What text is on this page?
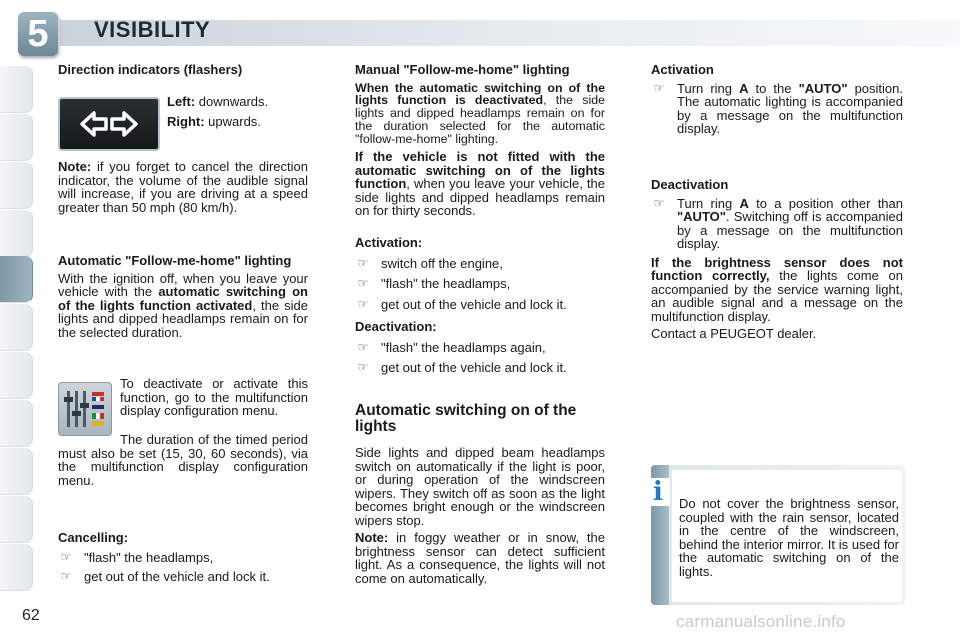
5	VISIBILITY
Direction indicators (flashers)
Left: downwards.
Right: upwards.

Note: if you forget to cancel the direction indicator, the volume of the audible signal will increase, if you are driving at a speed greater than 50 mph (80 km/h).

Automatic "Follow-me-home" lighting

With the ignition off, when you leave your vehicle with the automatic switching on of the lights function activated, the side lights and dipped headlamps remain on for the selected duration.

To deactivate or activate this function, go to the multifunction display configuration menu.

The duration of the timed period must also be set (15, 30, 60 seconds), via the multifunction display configuration menu.

Cancelling:
☞ "flash" the headlamps,
☞ get out of the vehicle and lock it.
Manual "Follow-me-home" lighting

When the automatic switching on of the lights function is deactivated, the side lights and dipped headlamps remain on for the duration selected for the automatic "follow-me-home" lighting.

If the vehicle is not fitted with the automatic switching on of the lights function, when you leave your vehicle, the side lights and dipped headlamps remain on for thirty seconds.

Activation:
☞ switch off the engine,
☞ "flash" the headlamps,
☞ get out of the vehicle and lock it.
Deactivation:
☞ "flash" the headlamps again,
☞ get out of the vehicle and lock it.
Automatic switching on of the lights

Side lights and dipped beam headlamps switch on automatically if the light is poor, or during operation of the windscreen wipers. They switch off as soon as the light becomes bright enough or the windscreen wipers stop.

Note: in foggy weather or in snow, the brightness sensor can detect sufficient light. As a consequence, the lights will not come on automatically.

Activation
☞ Turn ring A to the "AUTO" position. The automatic lighting is accompanied by a message on the multifunction display.
Deactivation
☞ Turn ring A to a position other than "AUTO". Switching off is accompanied by a message on the multifunction display.

If the brightness sensor does not function correctly, the lights come on accompanied by the service warning light, an audible signal and a message on the multifunction display.

Contact a PEUGEOT dealer.

i	Do not cover the brightness sensor, coupled with the rain sensor, located in the centre of the windscreen, behind the interior mirror. It is used for the automatic switching on of the lights.
62	carmanualsonline.info
